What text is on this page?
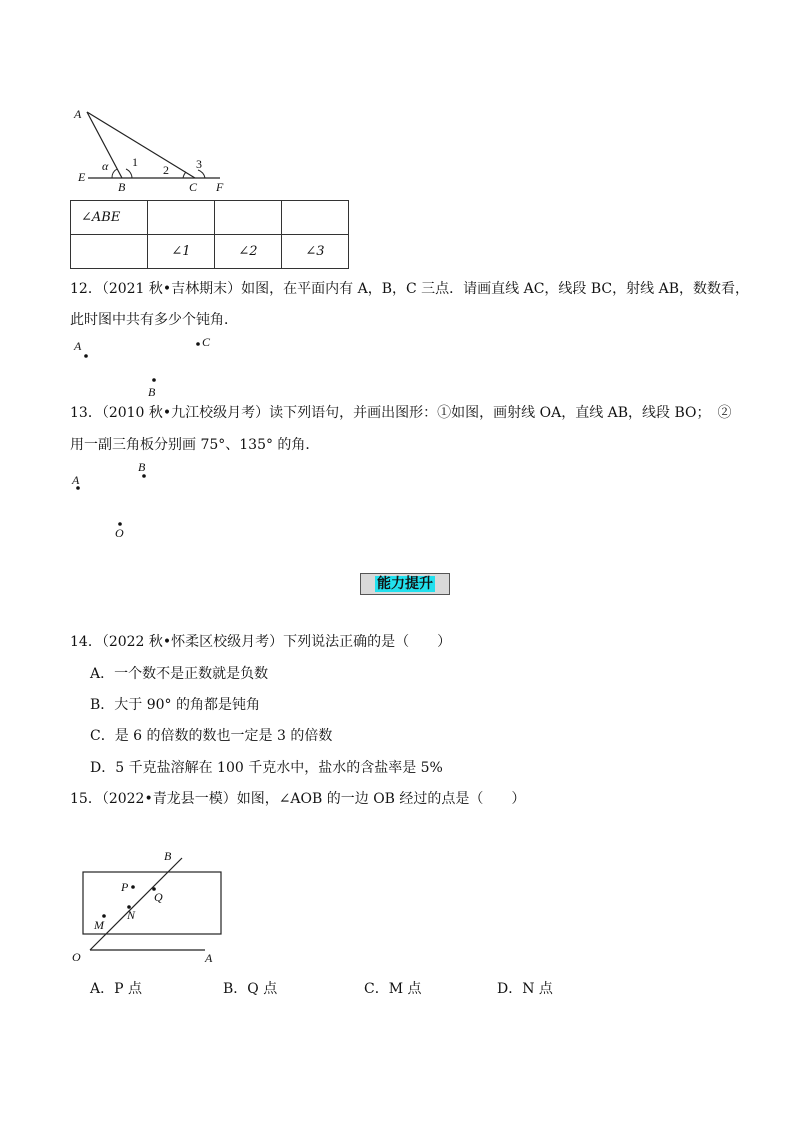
A
α 1
2 3
E
B	C F
∠ABE			
	∠1	∠2	∠3
12．（2021 秋•吉林期末）如图，在平面内有 A，B，C 三点．请画直线 AC，线段 BC，射线 AB，数数看，
此时图中共有多少个钝角．
A	C
B
13．（2010 秋•九江校级月考）读下列语句，并画出图形：①如图，画射线 OA，直线 AB，线段 BO；　②
用一副三角板分别画 75°、135° 的角．
A
B
O
能力提升
14．（2022 秋•怀柔区校级月考）下列说法正确的是（　　）
A．一个数不是正数就是负数
B．大于 90° 的角都是钝角
C．是 6 的倍数的数也一定是 3 的倍数
D．5 千克盐溶解在 100 千克水中，盐水的含盐率是 5%
15．（2022•青龙县一模）如图，∠AOB 的一边 OB 经过的点是（　　）
B
P
Q
N
M
O	A
A．P 点	B．Q 点	C．M 点	D．N 点
